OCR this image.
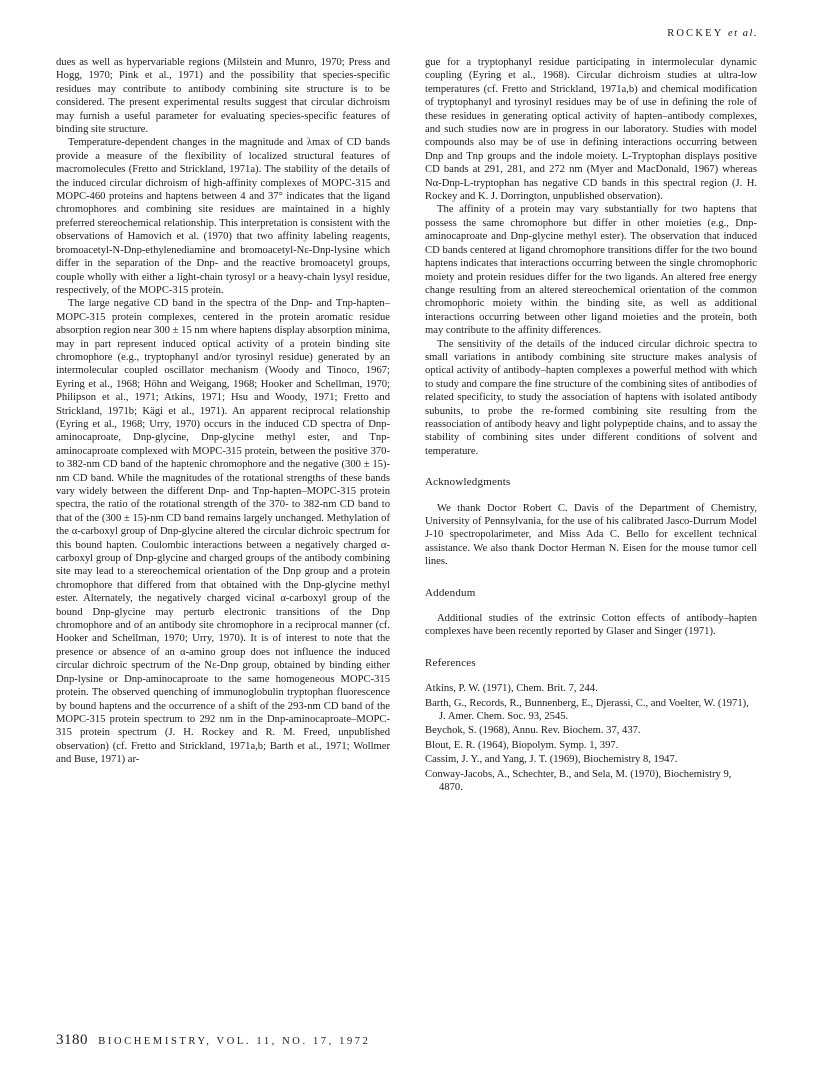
ROCKEY et al.

dues as well as hypervariable regions (Milstein and Munro, 1970; Press and Hogg, 1970; Pink et al., 1971) and the possibility that species-specific residues may contribute to antibody combining site structure is to be considered. The present experimental results suggest that circular dichroism may furnish a useful parameter for evaluating species-specific features of binding site structure.

Temperature-dependent changes in the magnitude and λmax of CD bands provide a measure of the flexibility of localized structural features of macromolecules (Fretto and Strickland, 1971a). The stability of the details of the induced circular dichroism of high-affinity complexes of MOPC-315 and MOPC-460 proteins and haptens between 4 and 37° indicates that the ligand chromophores and combining site residues are maintained in a highly preferred stereochemical relationship. This interpretation is consistent with the observations of Hamovich et al. (1970) that two affinity labeling reagents, bromoacetyl-N-Dnp-ethylenediamine and bromoacetyl-Nε-Dnp-lysine which differ in the separation of the Dnp- and the reactive bromoacetyl groups, couple wholly with either a light-chain tyrosyl or a heavy-chain lysyl residue, respectively, of the MOPC-315 protein.

The large negative CD band in the spectra of the Dnp- and Tnp-hapten–MOPC-315 protein complexes, centered in the protein aromatic residue absorption region near 300 ± 15 nm where haptens display absorption minima, may in part represent induced optical activity of a protein binding site chromophore (e.g., tryptophanyl and/or tyrosinyl residue) generated by an intermolecular coupled oscillator mechanism (Woody and Tinoco, 1967; Eyring et al., 1968; Höhn and Weigang, 1968; Hooker and Schellman, 1970; Philipson et al., 1971; Atkins, 1971; Hsu and Woody, 1971; Fretto and Strickland, 1971b; Kägi et al., 1971). An apparent reciprocal relationship (Eyring et al., 1968; Urry, 1970) occurs in the induced CD spectra of Dnp-aminocaproate, Dnp-glycine, Dnp-glycine methyl ester, and Tnp-aminocaproate complexed with MOPC-315 protein, between the positive 370- to 382-nm CD band of the haptenic chromophore and the negative (300 ± 15)-nm CD band. While the magnitudes of the rotational strengths of these bands vary widely between the different Dnp- and Tnp-hapten–MOPC-315 protein spectra, the ratio of the rotational strength of the 370- to 382-nm CD band to that of the (300 ± 15)-nm CD band remains largely unchanged. Methylation of the α-carboxyl group of Dnp-glycine altered the circular dichroic spectrum for this bound hapten. Coulombic interactions between a negatively charged α-carboxyl group of Dnp-glycine and charged groups of the antibody combining site may lead to a stereochemical orientation of the Dnp group and a protein chromophore that differed from that obtained with the Dnp-glycine methyl ester. Alternately, the negatively charged vicinal α-carboxyl group of the bound Dnp-glycine may perturb electronic transitions of the Dnp chromophore and of an antibody site chromophore in a reciprocal manner (cf. Hooker and Schellman, 1970; Urry, 1970). It is of interest to note that the presence or absence of an α-amino group does not influence the induced circular dichroic spectrum of the Nε-Dnp group, obtained by binding either Dnp-lysine or Dnp-aminocaproate to the same homogeneous MOPC-315 protein. The observed quenching of immunoglobulin tryptophan fluorescence by bound haptens and the occurrence of a shift of the 293-nm CD band of the MOPC-315 protein spectrum to 292 nm in the Dnp-aminocaproate–MOPC-315 protein spectrum (J. H. Rockey and R. M. Freed, unpublished observation) (cf. Fretto and Strickland, 1971a,b; Barth et al., 1971; Wollmer and Buse, 1971) ar-

gue for a tryptophanyl residue participating in intermolecular dynamic coupling (Eyring et al., 1968). Circular dichroism studies at ultra-low temperatures (cf. Fretto and Strickland, 1971a,b) and chemical modification of tryptophanyl and tyrosinyl residues may be of use in defining the role of these residues in generating optical activity of hapten–antibody complexes, and such studies now are in progress in our laboratory. Studies with model compounds also may be of use in defining interactions occurring between Dnp and Tnp groups and the indole moiety. L-Tryptophan displays positive CD bands at 291, 281, and 272 nm (Myer and MacDonald, 1967) whereas Nα-Dnp-L-tryptophan has negative CD bands in this spectral region (J. H. Rockey and K. J. Dorrington, unpublished observation).

The affinity of a protein may vary substantially for two haptens that possess the same chromophore but differ in other moieties (e.g., Dnp-aminocaproate and Dnp-glycine methyl ester). The observation that induced CD bands centered at ligand chromophore transitions differ for the two bound haptens indicates that interactions occurring between the single chromophoric moiety and protein residues differ for the two ligands. An altered free energy change resulting from an altered stereochemical orientation of the common chromophoric moiety within the binding site, as well as additional interactions occurring between other ligand moieties and the protein, both may contribute to the affinity differences.

The sensitivity of the details of the induced circular dichroic spectra to small variations in antibody combining site structure makes analysis of optical activity of antibody–hapten complexes a powerful method with which to study and compare the fine structure of the combining sites of antibodies of related specificity, to study the association of haptens with isolated antibody subunits, to probe the re-formed combining site resulting from the reassociation of antibody heavy and light polypeptide chains, and to assay the stability of combining sites under different conditions of solvent and temperature.

Acknowledgments

We thank Doctor Robert C. Davis of the Department of Chemistry, University of Pennsylvania, for the use of his calibrated Jasco-Durrum Model J-10 spectropolarimeter, and Miss Ada C. Bello for excellent technical assistance. We also thank Doctor Herman N. Eisen for the mouse tumor cell lines.

Addendum

Additional studies of the extrinsic Cotton effects of antibody–hapten complexes have been recently reported by Glaser and Singer (1971).

References
Atkins, P. W. (1971), Chem. Brit. 7, 244.
Barth, G., Records, R., Bunnenberg, E., Djerassi, C., and Voelter, W. (1971), J. Amer. Chem. Soc. 93, 2545.
Beychok, S. (1968), Annu. Rev. Biochem. 37, 437.
Blout, E. R. (1964), Biopolym. Symp. 1, 397.
Cassim, J. Y., and Yang, J. T. (1969), Biochemistry 8, 1947.
Conway-Jacobs, A., Schechter, B., and Sela, M. (1970), Biochemistry 9, 4870.
3180 BIOCHEMISTRY, VOL. 11, NO. 17, 1972
